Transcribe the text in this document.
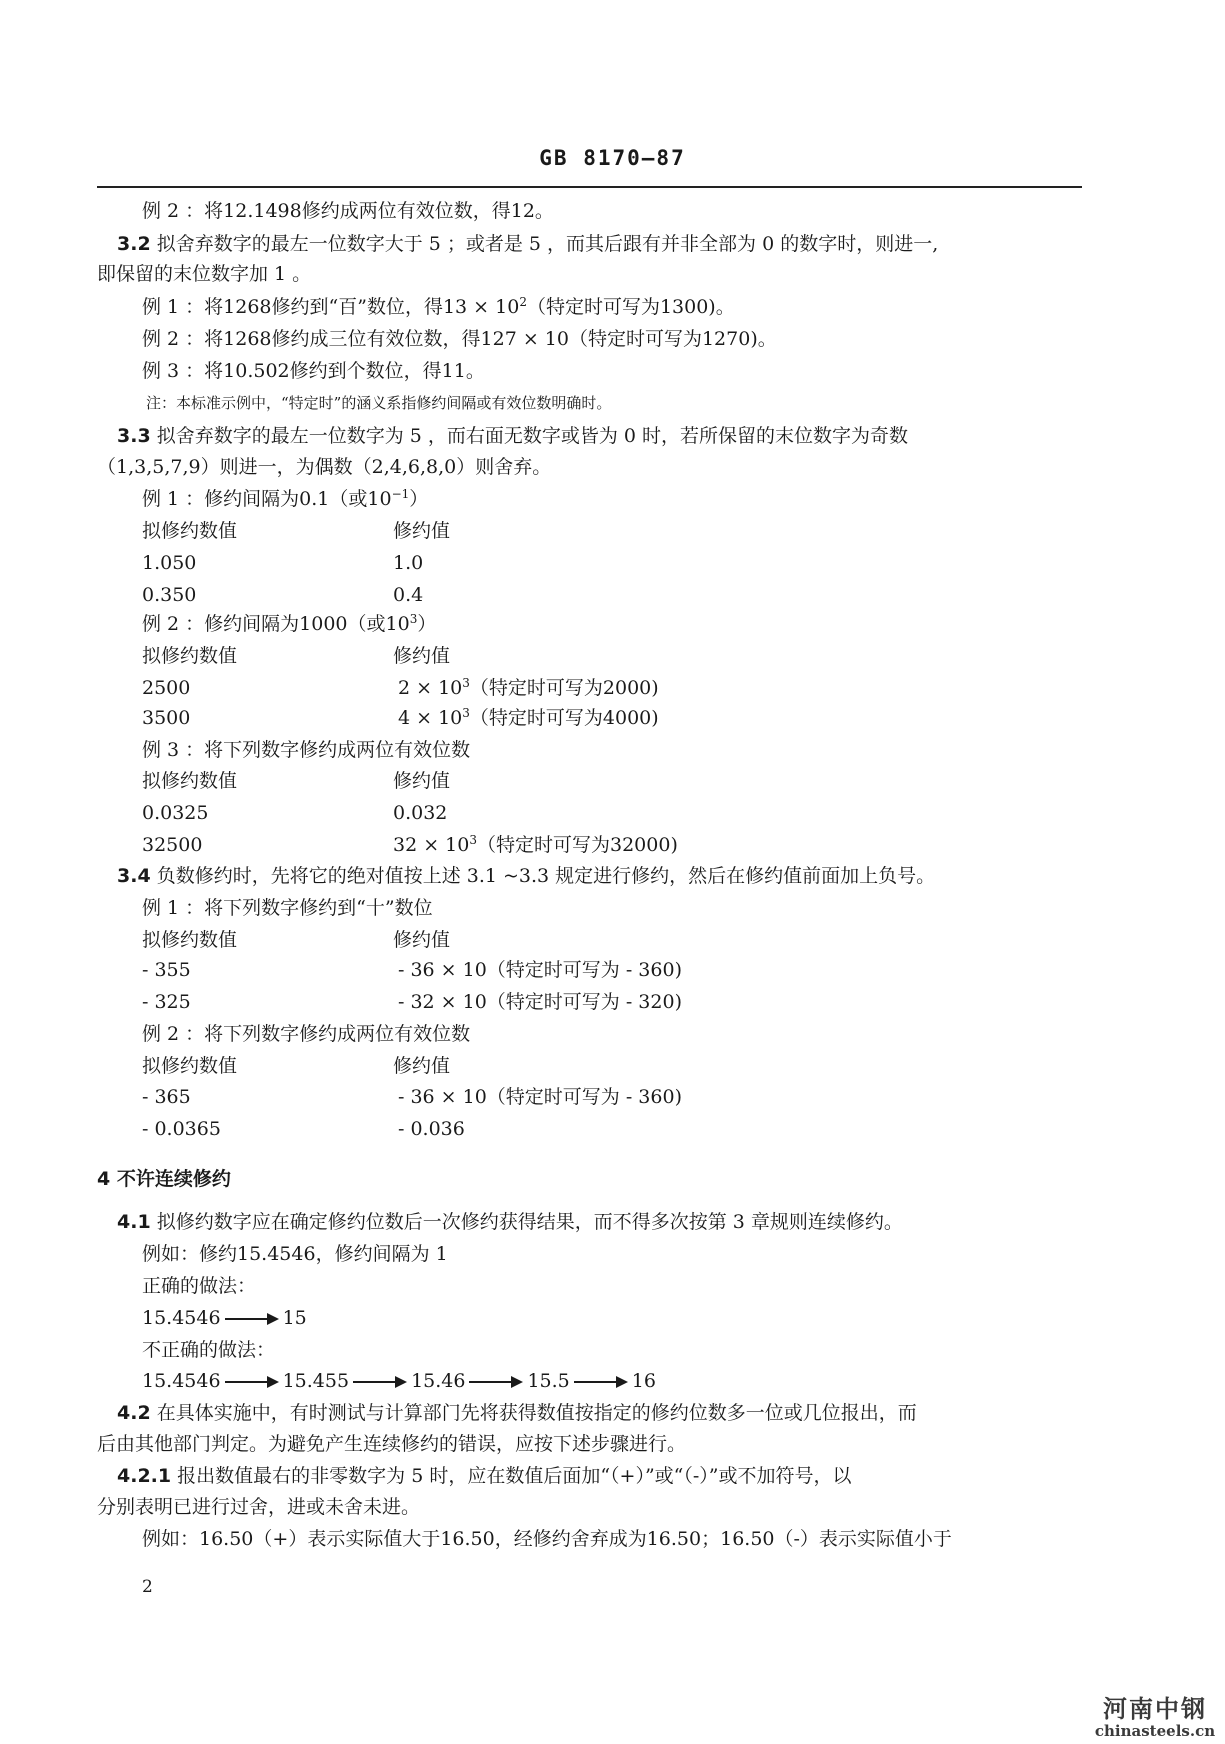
GB 8170—87
例 2 ：将12.1498修约成两位有效位数，得12。
3.2 拟舍弃数字的最左一位数字大于 5 ；或者是 5 ，而其后跟有并非全部为 0 的数字时，则进一,
即保留的末位数字加 1 。
例 1 ：将1268修约到“百”数位，得$13 \times 10^2$（特定时可写为1300)。
例 2 ：将1268修约成三位有效位数，得127 × 10（特定时可写为1270)。
例 3 ：将10.502修约到个数位，得11。
注：本标准示例中，“特定时”的涵义系指修约间隔或有效位数明确时。
3.3 拟舍弃数字的最左一位数字为 5 ，而右面无数字或皆为 0 时，若所保留的末位数字为奇数
（1,3,5,7,9）则进一，为偶数（2,4,6,8,0）则舍弃。
例 1 ：修约间隔为0.1（或$10^{-1}$）
拟修约数值	修约值
1.050	1.0
0.350	0.4
例 2 ：修约间隔为1000（或$10^3$）
拟修约数值	修约值
2500	$2 \times 10^3$（特定时可写为2000)
3500	$4 \times 10^3$（特定时可写为4000)
例 3 ：将下列数字修约成两位有效位数
拟修约数值	修约值
0.0325	0.032
32500	$32 \times 10^3$（特定时可写为32000)
3.4 负数修约时，先将它的绝对值按上述 3.1 ~3.3 规定进行修约，然后在修约值前面加上负号。
例 1 ：将下列数字修约到“十”数位
拟修约数值	修约值
- 355	- 36 × 10（特定时可写为 - 360)
- 325	- 32 × 10（特定时可写为 - 320)
例 2 ：将下列数字修约成两位有效位数
拟修约数值	修约值
- 365	- 36 × 10（特定时可写为 - 360)
- 0.0365	- 0.036
4 不许连续修约
4.1 拟修约数字应在确定修约位数后一次修约获得结果，而不得多次按第 3 章规则连续修约。
例如：修约15.4546，修约间隔为 1
正确的做法：
15.4546	15
不正确的做法：
15.4546	15.455	15.46	15.5	16
4.2 在具体实施中，有时测试与计算部门先将获得数值按指定的修约位数多一位或几位报出，而
后由其他部门判定。为避免产生连续修约的错误，应按下述步骤进行。
4.2.1 报出数值最右的非零数字为 5 时，应在数值后面加“（+）”或“（-）”或不加符号，以
分别表明已进行过舍，进或未舍未进。
例如：16.50（+）表示实际值大于16.50，经修约舍弃成为16.50；16.50（-）表示实际值小于
2
河南中钢
chinasteels.cn
